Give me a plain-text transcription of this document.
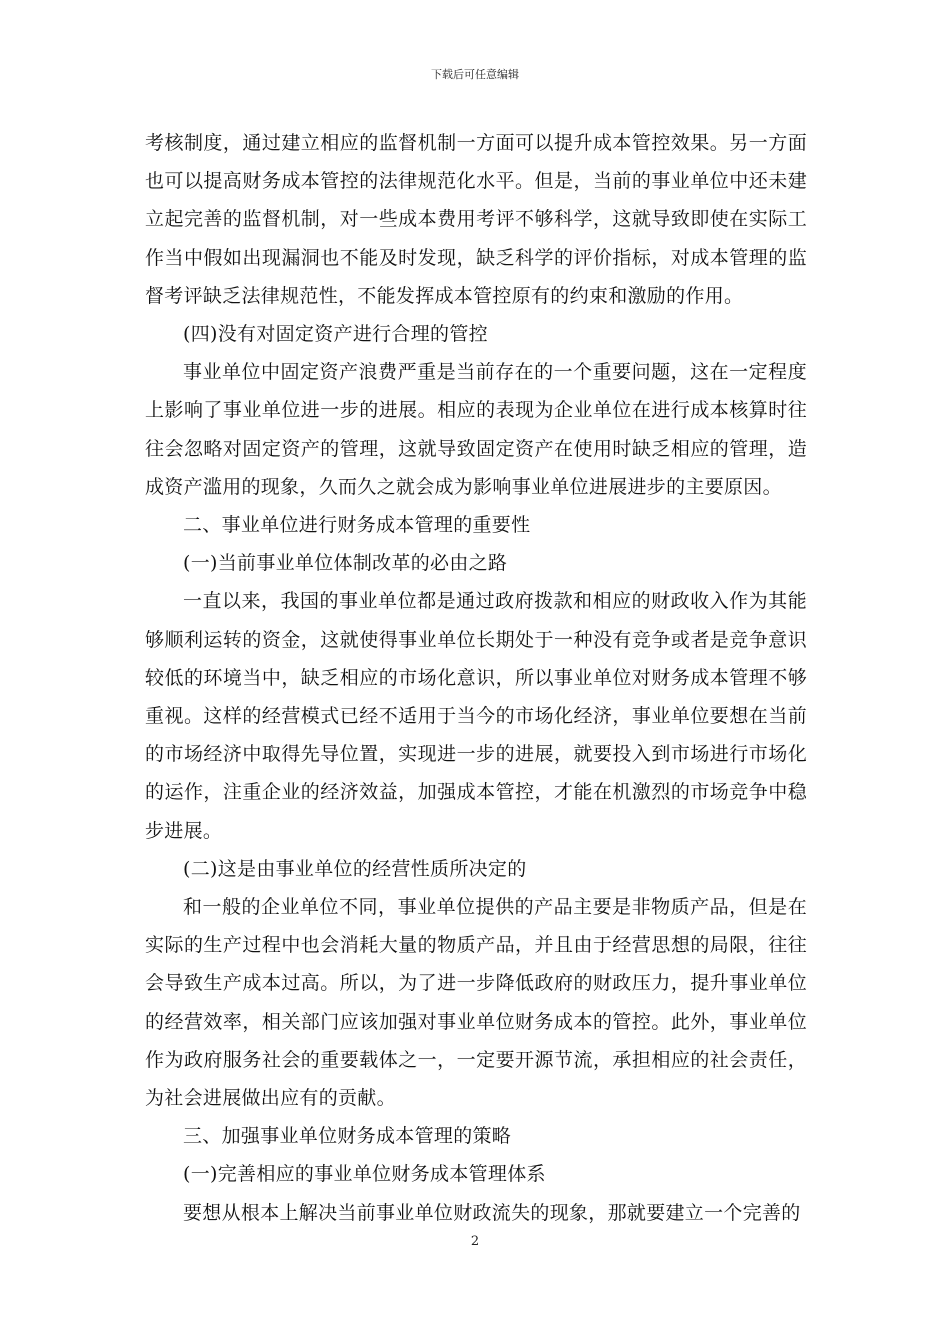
下载后可任意编辑

考核制度，通过建立相应的监督机制一方面可以提升成本管控效果。另一方面也可以提高财务成本管控的法律规范化水平。但是，当前的事业单位中还未建立起完善的监督机制，对一些成本费用考评不够科学，这就导致即使在实际工作当中假如出现漏洞也不能及时发现，缺乏科学的评价指标，对成本管理的监督考评缺乏法律规范性，不能发挥成本管控原有的约束和激励的作用。

(四)没有对固定资产进行合理的管控

事业单位中固定资产浪费严重是当前存在的一个重要问题，这在一定程度上影响了事业单位进一步的进展。相应的表现为企业单位在进行成本核算时往往会忽略对固定资产的管理，这就导致固定资产在使用时缺乏相应的管理，造成资产滥用的现象，久而久之就会成为影响事业单位进展进步的主要原因。

二、事业单位进行财务成本管理的重要性

(一)当前事业单位体制改革的必由之路

一直以来，我国的事业单位都是通过政府拨款和相应的财政收入作为其能够顺利运转的资金，这就使得事业单位长期处于一种没有竞争或者是竞争意识较低的环境当中，缺乏相应的市场化意识，所以事业单位对财务成本管理不够重视。这样的经营模式已经不适用于当今的市场化经济，事业单位要想在当前的市场经济中取得先导位置，实现进一步的进展，就要投入到市场进行市场化的运作，注重企业的经济效益，加强成本管控，才能在机激烈的市场竞争中稳步进展。

(二)这是由事业单位的经营性质所决定的

和一般的企业单位不同，事业单位提供的产品主要是非物质产品，但是在实际的生产过程中也会消耗大量的物质产品，并且由于经营思想的局限，往往会导致生产成本过高。所以，为了进一步降低政府的财政压力，提升事业单位的经营效率，相关部门应该加强对事业单位财务成本的管控。此外，事业单位作为政府服务社会的重要载体之一，一定要开源节流，承担相应的社会责任，为社会进展做出应有的贡献。

三、加强事业单位财务成本管理的策略

(一)完善相应的事业单位财务成本管理体系

要想从根本上解决当前事业单位财政流失的现象，那就要建立一个完善的

2
